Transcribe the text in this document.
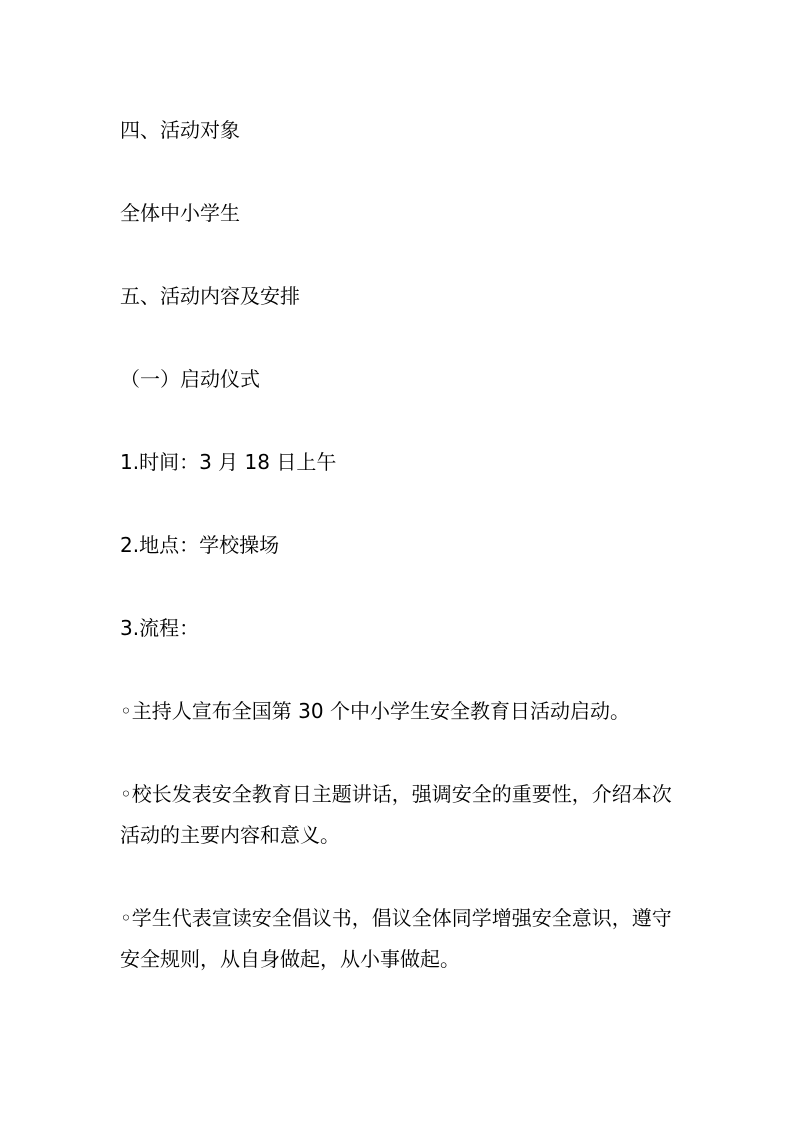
四、活动对象

全体中小学生

五、活动内容及安排

（一）启动仪式

1.时间：3 月 18 日上午

2.地点：学校操场

3.流程：

◦主持人宣布全国第 30 个中小学生安全教育日活动启动。

◦校长发表安全教育日主题讲话，强调安全的重要性，介绍本次活动的主要内容和意义。

◦学生代表宣读安全倡议书，倡议全体同学增强安全意识，遵守安全规则，从自身做起，从小事做起。
